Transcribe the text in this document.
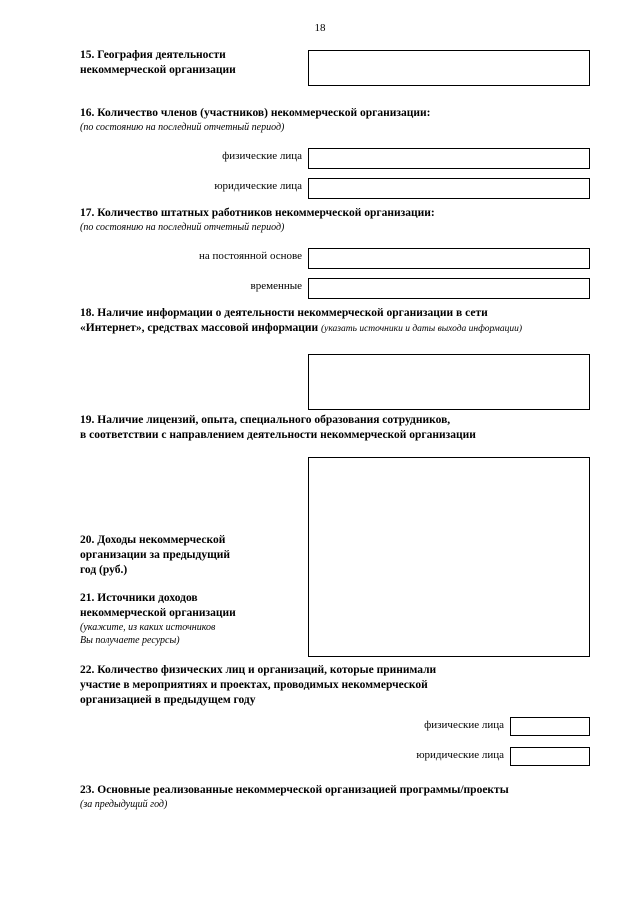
18
15. География деятельности
некоммерческой организации
16. Количество членов (участников) некоммерческой организации:
(по состоянию на последний отчетный период)
физические лица
юридические лица
17. Количество штатных работников некоммерческой организации:
(по состоянию на последний отчетный период)
на постоянной основе
временные
18. Наличие информации о деятельности некоммерческой организации в сети
«Интернет», средствах массовой информации (указать источники и даты выхода информации)
19. Наличие лицензий, опыта, специального образования сотрудников,
в соответствии с направлением деятельности некоммерческой организации
20. Доходы некоммерческой
организации за предыдущий
год (руб.)
21. Источники доходов
некоммерческой организации
(укажите, из каких источников
Вы получаете ресурсы)
22. Количество физических лиц и организаций, которые принимали
участие в мероприятиях и проектах, проводимых некоммерческой
организацией в предыдущем году
физические лица
юридические лица
23. Основные реализованные некоммерческой организацией программы/проекты
(за предыдущий год)
